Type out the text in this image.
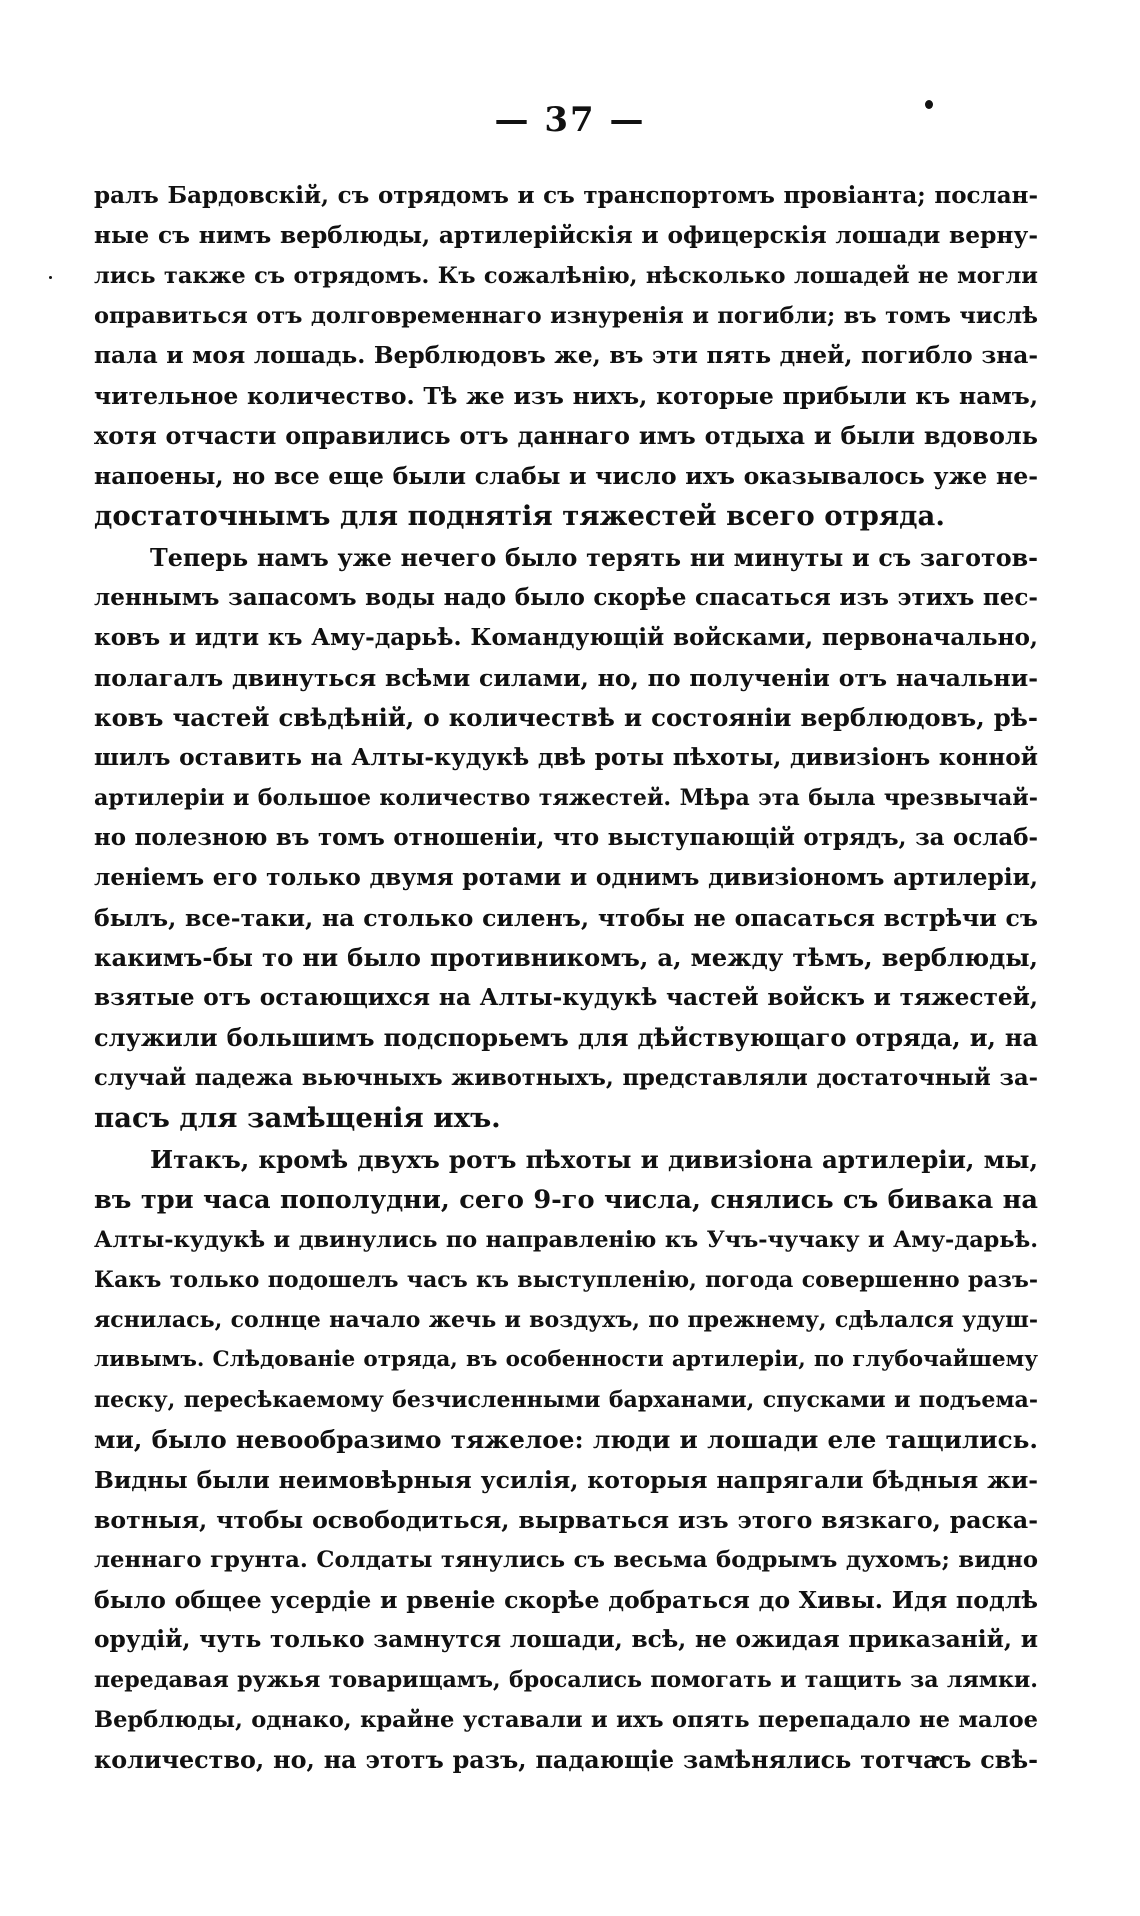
— 37 —
ралъ Бардовскій, съ отрядомъ и съ транспортомъ провіанта; послан-
ные съ нимъ верблюды, артилерійскія и офицерскія лошади верну-
лись также съ отрядомъ. Къ сожалѣнію, нѣсколько лошадей не могли
оправиться отъ долговременнаго изнуренія и погибли; въ томъ числѣ
пала и моя лошадь. Верблюдовъ же, въ эти пять дней, погибло зна-
чительное количество. Тѣ же изъ нихъ, которые прибыли къ намъ,
хотя отчасти оправились отъ даннаго имъ отдыха и были вдоволь
напоены, но все еще были слабы и число ихъ оказывалось уже не-
достаточнымъ для поднятія тяжестей всего отряда.
Теперь намъ уже нечего было терять ни минуты и съ заготов-
леннымъ запасомъ воды надо было скорѣе спасаться изъ этихъ пес-
ковъ и идти къ Аму-дарьѣ. Командующій войсками, первоначально,
полагалъ двинуться всѣми силами, но, по полученіи отъ начальни-
ковъ частей свѣдѣній, о количествѣ и состояніи верблюдовъ, рѣ-
шилъ оставить на Алты-кудукѣ двѣ роты пѣхоты, дивизіонъ конной
артилеріи и большое количество тяжестей. Мѣра эта была чрезвычай-
но полезною въ томъ отношеніи, что выступающій отрядъ, за ослаб-
леніемъ его только двумя ротами и однимъ дивизіономъ артилеріи,
былъ, все-таки, на столько силенъ, чтобы не опасаться встрѣчи съ
какимъ-бы то ни было противникомъ, а, между тѣмъ, верблюды,
взятые отъ остающихся на Алты-кудукѣ частей войскъ и тяжестей,
служили большимъ подспорьемъ для дѣйствующаго отряда, и, на
случай падежа вьючныхъ животныхъ, представляли достаточный за-
пасъ для замѣщенія ихъ.
Итакъ, кромѣ двухъ ротъ пѣхоты и дивизіона артилеріи, мы,
въ три часа пополудни, сего 9-го числа, снялись съ бивака на
Алты-кудукѣ и двинулись по направленію къ Учъ-чучаку и Аму-дарьѣ.
Какъ только подошелъ часъ къ выступленію, погода совершенно разъ-
яснилась, солнце начало жечь и воздухъ, по прежнему, сдѣлался удуш-
ливымъ. Слѣдованіе отряда, въ особенности артилеріи, по глубочайшему
песку, пересѣкаемому безчисленными барханами, спусками и подъема-
ми, было невообразимо тяжелое: люди и лошади еле тащились.
Видны были неимовѣрныя усилія, которыя напрягали бѣдныя жи-
вотныя, чтобы освободиться, вырваться изъ этого вязкаго, раска-
леннаго грунта. Солдаты тянулись съ весьма бодрымъ духомъ; видно
было общее усердіе и рвеніе скорѣе добраться до Хивы. Идя подлѣ
орудій, чуть только замнутся лошади, всѣ, не ожидая приказаній, и
передавая ружья товарищамъ, бросались помогать и тащить за лямки.
Верблюды, однако, крайне уставали и ихъ опять перепадало не малое
количество, но, на этотъ разъ, падающіе замѣнялись тотчасъ свѣ-
